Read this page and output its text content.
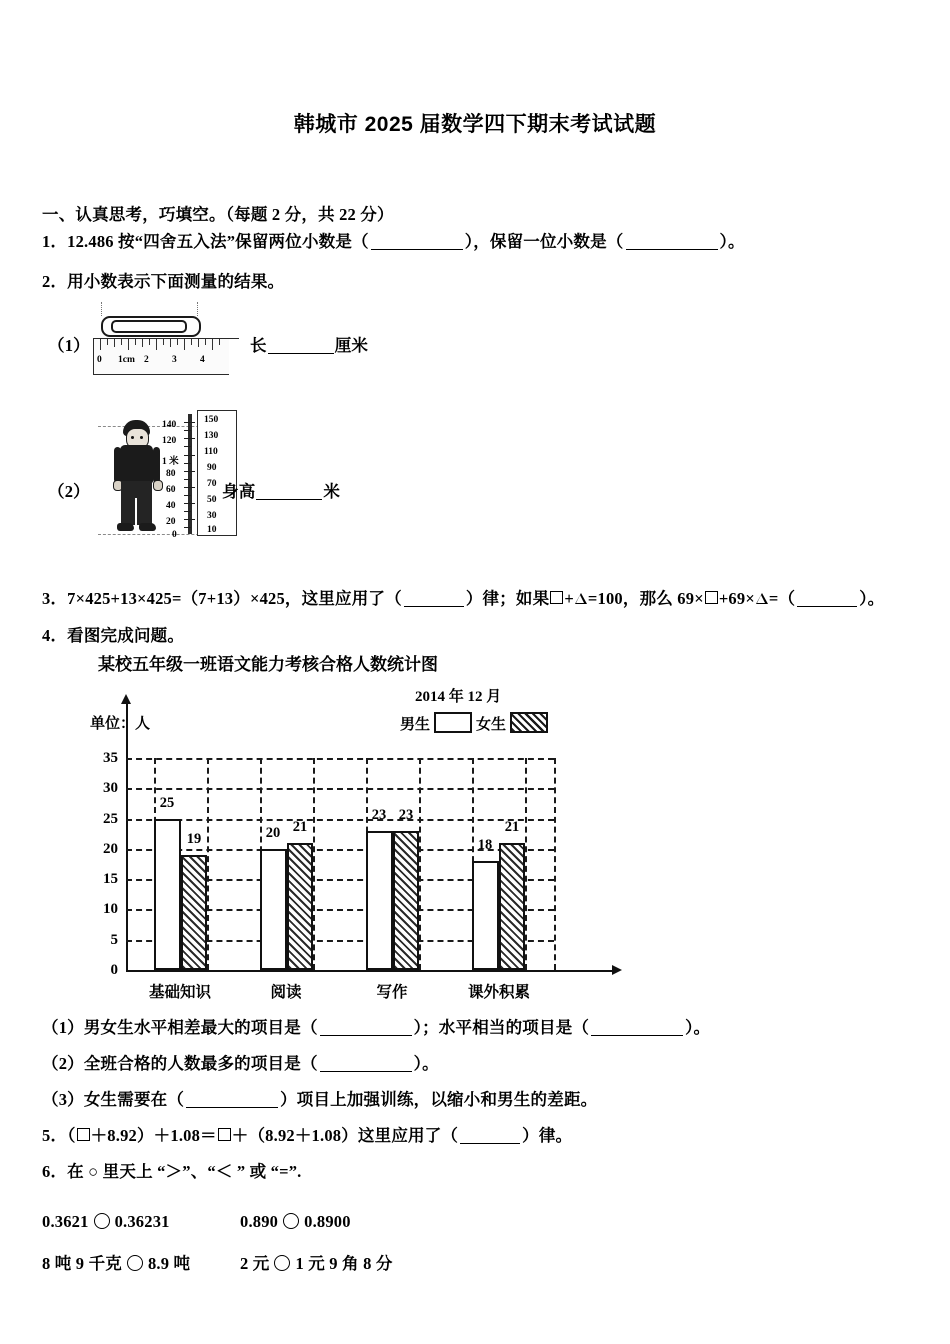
韩城市 2025 届数学四下期末考试试题
一、认真思考，巧填空。（每题 2 分，共 22 分）
1．12.486 按“四舍五入法”保留两位小数是（	），保留一位小数是（	）。
2．用小数表示下面测量的结果。
（1）
0 1cm 2 3 4
长	厘米
（2）
140
120
1 米
80
60
40
20
0
150
130
110
90
70
50
30
10
身高	米
3．7×425+13×425=（7+13）×425，这里应用了（	）律；如果 + =100，那么 69× +69× =（	）。
4．看图完成问题。
某校五年级一班语文能力考核合格人数统计图
2014 年 12 月
单位：人	男生	女生
0
5
10
15
20
25
30
35
25
19
基础知识
20 21
阅读
23 23
写作
18
21
课外积累
（1）男女生水平相差最大的项目是（	）；水平相当的项目是（	）。
（2）全班合格的人数最多的项目是（	）。
（3）女生需要在（	）项目上加强训练，以缩小和男生的差距。
5．（ ＋8.92）＋1.08＝ ＋（8.92＋1.08）这里应用了（	）律。
6．在 ○ 里天上 “＞”、“＜ ” 或 “=”.
0.3621 0.36231	0.890 0.8900
8 吨 9 千克 8.9 吨	2 元 1 元 9 角 8 分
